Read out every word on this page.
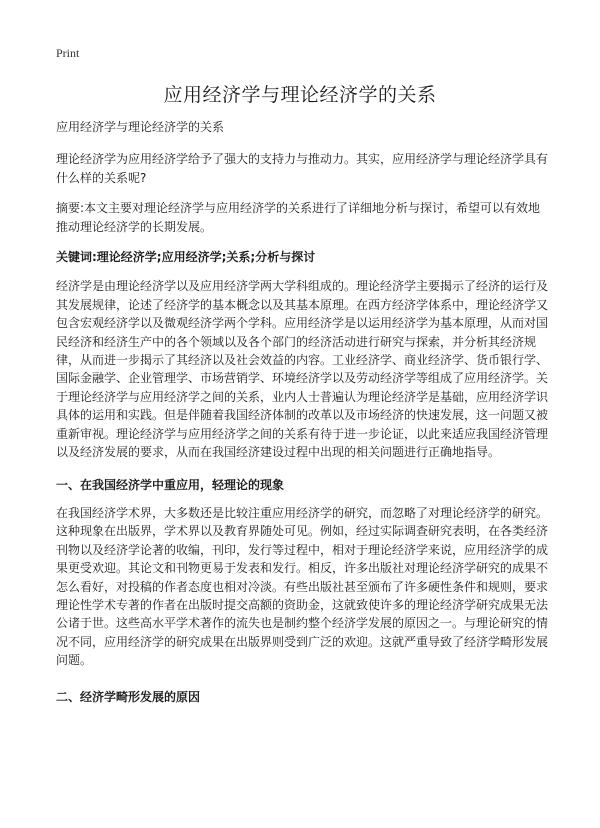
Print
应用经济学与理论经济学的关系

应用经济学与理论经济学的关系

理论经济学为应用经济学给予了强大的支持力与推动力。其实，应用经济学与理论经济学具有什么样的关系呢?

摘要:本文主要对理论经济学与应用经济学的关系进行了详细地分析与探讨，希望可以有效地推动理论经济学的长期发展。

关键词:理论经济学;应用经济学;关系;分析与探讨

经济学是由理论经济学以及应用经济学两大学科组成的。理论经济学主要揭示了经济的运行及其发展规律，论述了经济学的基本概念以及其基本原理。在西方经济学体系中，理论经济学又包含宏观经济学以及微观经济学两个学科。应用经济学是以运用经济学为基本原理，从而对国民经济和经济生产中的各个领域以及各个部门的经济活动进行研究与探索，并分析其经济规律，从而进一步揭示了其经济以及社会效益的内容。工业经济学、商业经济学、货币银行学、国际金融学、企业管理学、市场营销学、环境经济学以及劳动经济学等组成了应用经济学。关于理论经济学与应用经济学之间的关系，业内人士普遍认为理论经济学是基础，应用经济学识具体的运用和实践。但是伴随着我国经济体制的改革以及市场经济的快速发展，这一问题又被重新审视。理论经济学与应用经济学之间的关系有待于进一步论证，以此来适应我国经济管理以及经济发展的要求，从而在我国经济建设过程中出现的相关问题进行正确地指导。

一、在我国经济学中重应用，轻理论的现象

在我国经济学术界，大多数还是比较注重应用经济学的研究，而忽略了对理论经济学的研究。这种现象在出版界，学术界以及教育界随处可见。例如，经过实际调查研究表明，在各类经济刊物以及经济学论著的收编，刊印，发行等过程中，相对于理论经济学来说，应用经济学的成果更受欢迎。其论文和刊物更易于发表和发行。相反，许多出版社对理论经济学研究的成果不怎么看好，对投稿的作者态度也相对冷淡。有些出版社甚至颁布了许多硬性条件和规则，要求理论性学术专著的作者在出版时提交高额的资助金，这就致使许多的理论经济学研究成果无法公诸于世。这些高水平学术著作的流失也是制约整个经济学发展的原因之一。与理论研究的情况不同，应用经济学的研究成果在出版界则受到广泛的欢迎。这就严重导致了经济学畸形发展问题。

二、经济学畸形发展的原因
